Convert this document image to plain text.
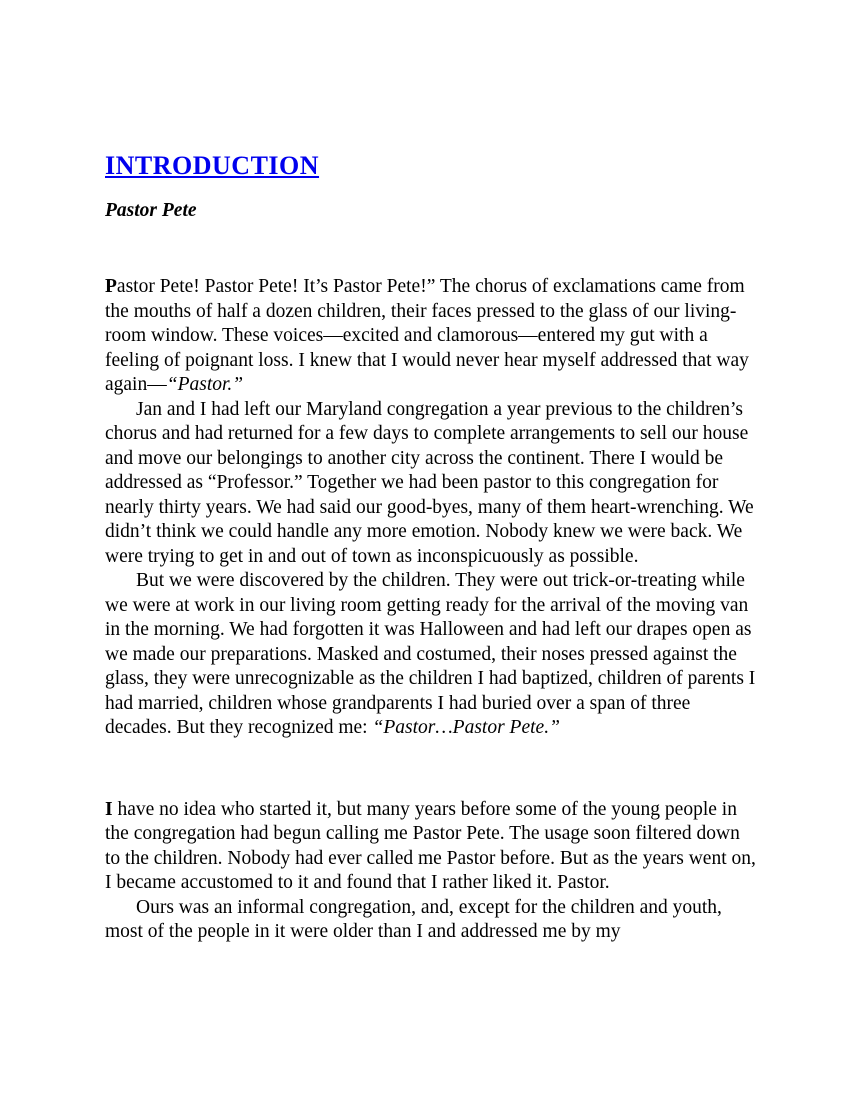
INTRODUCTION
Pastor Pete

Pastor Pete! Pastor Pete! It’s Pastor Pete!” The chorus of exclamations came from the mouths of half a dozen children, their faces pressed to the glass of our living-room window. These voices—excited and clamorous—entered my gut with a feeling of poignant loss. I knew that I would never hear myself addressed that way again—“Pastor.”

Jan and I had left our Maryland congregation a year previous to the children’s chorus and had returned for a few days to complete arrangements to sell our house and move our belongings to another city across the continent. There I would be addressed as “Professor.” Together we had been pastor to this congregation for nearly thirty years. We had said our good-byes, many of them heart-wrenching. We didn’t think we could handle any more emotion. Nobody knew we were back. We were trying to get in and out of town as inconspicuously as possible.

But we were discovered by the children. They were out trick-or-treating while we were at work in our living room getting ready for the arrival of the moving van in the morning. We had forgotten it was Halloween and had left our drapes open as we made our preparations. Masked and costumed, their noses pressed against the glass, they were unrecognizable as the children I had baptized, children of parents I had married, children whose grandparents I had buried over a span of three decades. But they recognized me: “Pastor…Pastor Pete.”

I have no idea who started it, but many years before some of the young people in the congregation had begun calling me Pastor Pete. The usage soon filtered down to the children. Nobody had ever called me Pastor before. But as the years went on, I became accustomed to it and found that I rather liked it. Pastor.

Ours was an informal congregation, and, except for the children and youth, most of the people in it were older than I and addressed me by my
